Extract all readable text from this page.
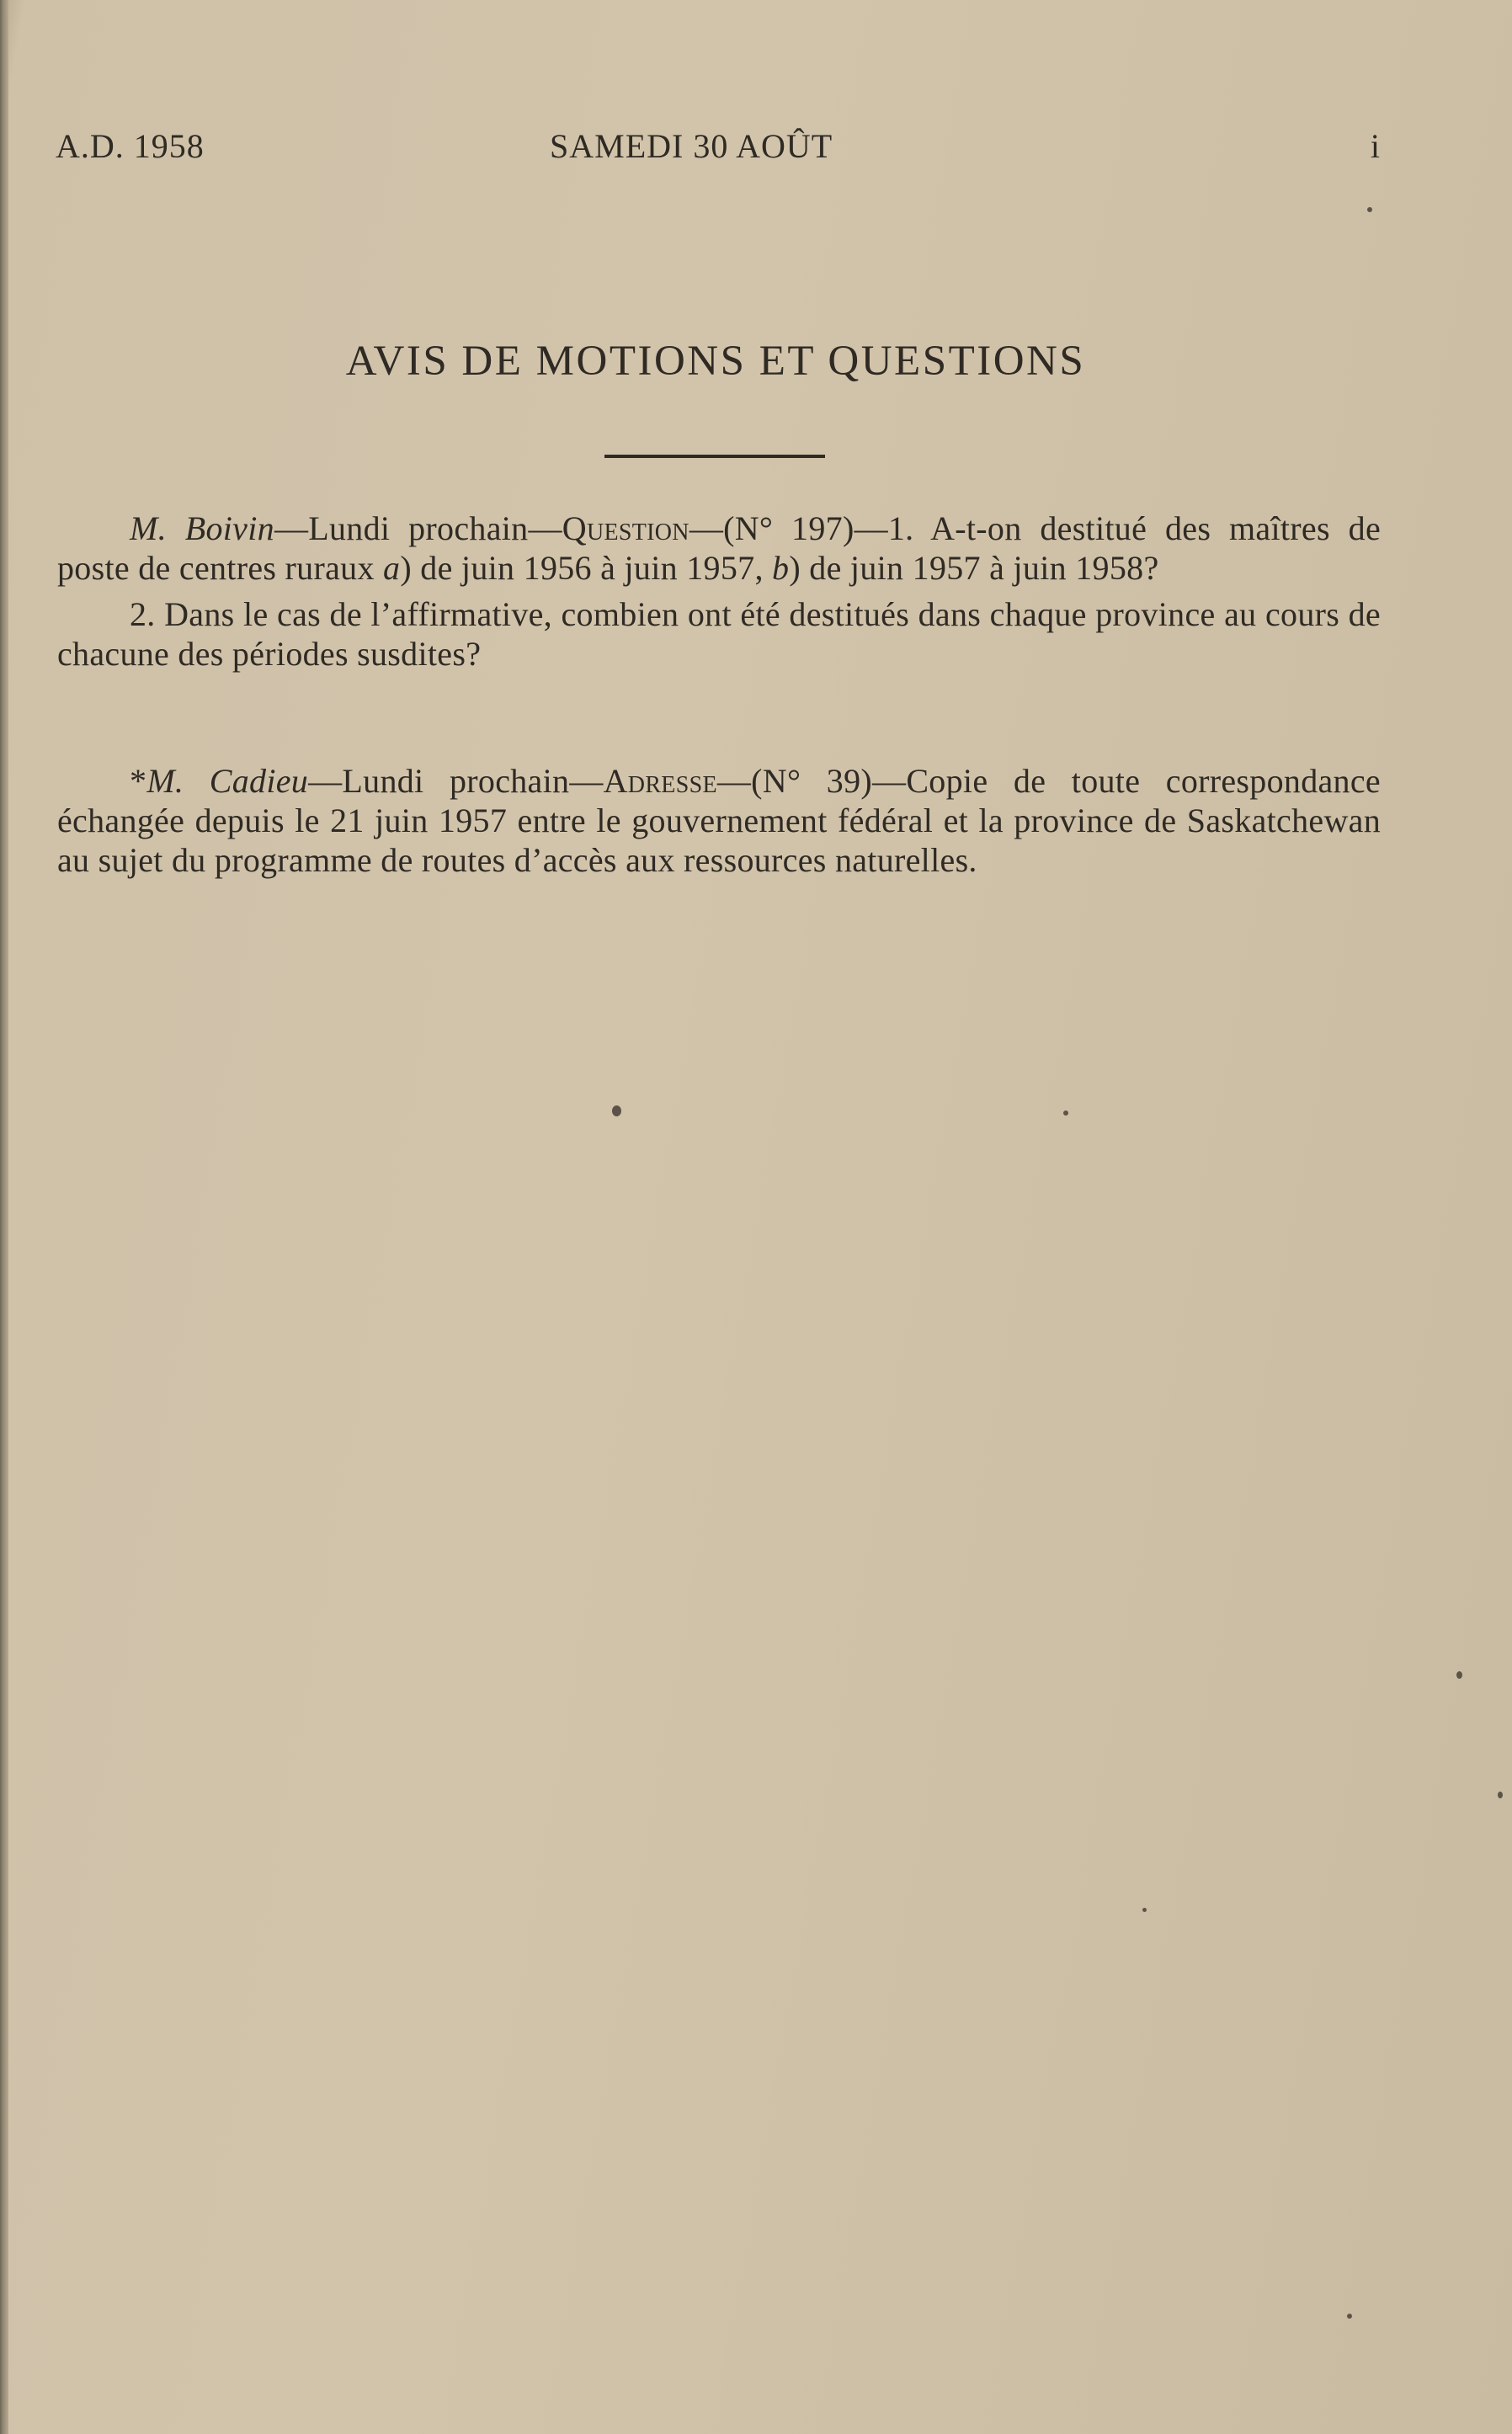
A.D. 1958	SAMEDI 30 AOÛT	i
AVIS DE MOTIONS ET QUESTIONS

M. Boivin—Lundi prochain—Question—(N° 197)—1. A-t-on destitué des maîtres de poste de centres ruraux a) de juin 1956 à juin 1957, b) de juin 1957 à juin 1958?

2. Dans le cas de l’affirmative, combien ont été destitués dans chaque province au cours de chacune des périodes susdites?

*M. Cadieu—Lundi prochain—Adresse—(N° 39)—Copie de toute correspondance échangée depuis le 21 juin 1957 entre le gouvernement fédéral et la province de Saskatchewan au sujet du programme de routes d’accès aux ressources naturelles.
